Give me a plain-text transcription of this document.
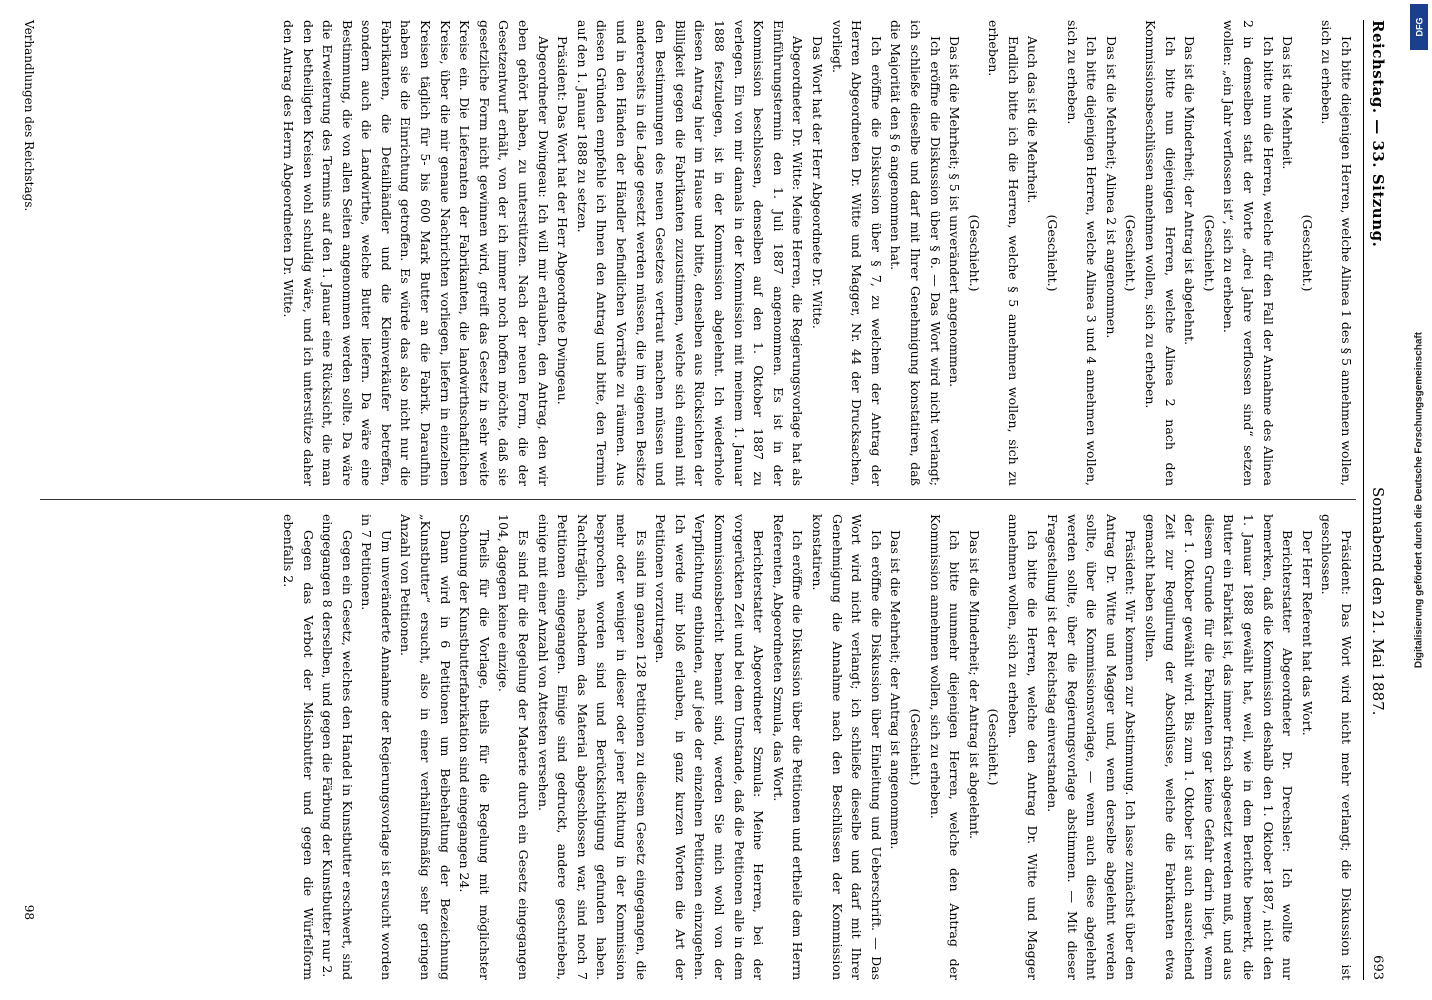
Reichstag. — 33. Sitzung.
Sonnabend den 21. Mai 1887.
693

Ich bitte diejenigen Herren, welche Alinea 1 des § 5 annehmen wollen, sich zu erheben.

(Geschieht.)

Das ist die Mehrheit.

Ich bitte nun die Herren, welche für den Fall der Annahme des Alinea 2 in demselben statt der Worte „drei Jahre verflossen sind“ setzen wollen: „ein Jahr verflossen ist“, sich zu erheben.

(Geschieht.)

Das ist die Minderheit; der Antrag ist abgelehnt.

Ich bitte nun diejenigen Herren, welche Alinea 2 nach den Kommissionsbeschlüssen annehmen wollen, sich zu erheben.

(Geschieht.)

Das ist die Mehrheit; Alinea 2 ist angenommen.

Ich bitte diejenigen Herren, welche Alinea 3 und 4 annehmen wollen, sich zu erheben.

(Geschieht.)

Auch das ist die Mehrheit.

Endlich bitte ich die Herren, welche § 5 annehmen wollen, sich zu erheben.

(Geschieht.)

Das ist die Mehrheit; § 5 ist unverändert angenommen.

Ich eröffne die Diskussion über § 6. — Das Wort wird nicht verlangt; ich schließe dieselbe und darf mit Ihrer Genehmigung konstatiren, daß die Majorität den § 6 angenommen hat.

Ich eröffne die Diskussion über § 7, zu welchem der Antrag der Herren Abgeordneten Dr. Witte und Magger, Nr. 44 der Drucksachen, vorliegt.

Das Wort hat der Herr Abgeordnete Dr. Witte.

Abgeordneter Dr. Witte: Meine Herren, die Regierungsvorlage hat als Einführungstermin den 1. Juli 1887 angenommen. Es ist in der Kommission beschlossen, denselben auf den 1. Oktober 1887 zu verlegen. Ein von mir damals in der Kommission mit meinem 1. Januar 1888 festzulegen, ist in der Kommission abgelehnt. Ich wiederhole diesen Antrag hier im Hause und bitte, denselben aus Rücksichten der Billigkeit gegen die Fabrikanten zuzustimmen, welche sich einmal mit den Bestimmungen des neuen Gesetzes vertraut machen müssen und andererseits in die Lage gesetzt werden müssen, die im eigenen Besitze und in den Händen der Händler befindlichen Vorräthe zu räumen. Aus diesen Gründen empfehle ich Ihnen den Antrag und bitte, den Termin auf den 1. Januar 1888 zu setzen.

Präsident: Das Wort hat der Herr Abgeordnete Dwingeau.

Abgeordneter Dwingeau: Ich will mir erlauben, den Antrag, den wir eben gehört haben, zu unterstützen. Nach der neuen Form, die der Gesetzentwurf erhält, von der ich immer noch hoffen möchte, daß sie gesetzliche Form nicht gewinnen wird, greift das Gesetz in sehr weite Kreise ein. Die Lieferanten der Fabrikanten, die landwirthschaftlichen Kreise, über die mir genaue Nachrichten vorliegen, liefern in einzelnen Kreisen täglich für 5- bis 600 Mark Butter an die Fabrik. Daraufhin haben sie die Einrichtung getroffen. Es würde das also nicht nur die Fabrikanten, die Detailhändler und die Kleinverkäufer betreffen, sondern auch die Landwirthe, welche Butter liefern. Da wäre eine Bestimmung, die von allen Seiten angenommen werden sollte. Da wäre die Erweiterung des Termins auf den 1. Januar eine Rücksicht, die man den betheiligten Kreisen wohl schuldig wäre, und ich unterstütze daher den Antrag des Herrn Abgeordneten Dr. Witte.

Präsident: Das Wort wird nicht mehr verlangt; die Diskussion ist geschlossen.

Der Herr Referent hat das Wort.

Berichterstatter Abgeordneter Dr. Drechsler: Ich wollte nur bemerken, daß die Kommission deshalb den 1. Oktober 1887, nicht den 1. Januar 1888 gewählt hat, weil, wie in dem Berichte bemerkt, die Butter ein Fabrikat ist, das immer frisch abgesetzt werden muß, und aus diesem Grunde für die Fabrikanten gar keine Gefahr darin liegt, wenn der 1. Oktober gewählt wird. Bis zum 1. Oktober ist auch ausreichend Zeit zur Regulirung der Abschlüsse, welche die Fabrikanten etwa gemacht haben sollten.

Präsident: Wir kommen zur Abstimmung. Ich lasse zunächst über den Antrag Dr. Witte und Magger und, wenn derselbe abgelehnt werden sollte, über die Kommissionsvorlage, — wenn auch diese abgelehnt werden sollte, über die Regierungsvorlage abstimmen. — Mit dieser Fragestellung ist der Reichstag einverstanden.

Ich bitte die Herren, welche den Antrag Dr. Witte und Magger annehmen wollen, sich zu erheben.

(Geschieht.)

Das ist die Minderheit; der Antrag ist abgelehnt.

Ich bitte nunmehr diejenigen Herren, welche den Antrag der Kommission annehmen wollen, sich zu erheben.

(Geschieht.)

Das ist die Mehrheit; der Antrag ist angenommen.

Ich eröffne die Diskussion über Einleitung und Ueberschrift. — Das Wort wird nicht verlangt; ich schließe dieselbe und darf mit Ihrer Genehmigung die Annahme nach den Beschlüssen der Kommission konstatiren.

Ich eröffne die Diskussion über die Petitionen und ertheile dem Herrn Referenten, Abgeordneten Szmula, das Wort.

Berichterstatter Abgeordneter Szmula: Meine Herren, bei der vorgerückten Zeit und bei dem Umstande, daß die Petitionen alle in dem Kommissionsbericht benannt sind, werden Sie mich wohl von der Verpflichtung entbinden, auf jede der einzelnen Petitionen einzugehen. Ich werde mir bloß erlauben, in ganz kurzen Worten die Art der Petitionen vorzutragen.

Es sind im ganzen 128 Petitionen zu diesem Gesetz eingegangen, die mehr oder weniger in dieser oder jener Richtung in der Kommission besprochen worden sind und Berücksichtigung gefunden haben. Nachträglich, nachdem das Material abgeschlossen war, sind noch 7 Petitionen eingegangen. Einige sind gedruckt, andere geschrieben, einige mit einer Anzahl von Attesten versehen.

Es sind für die Regelung der Materie durch ein Gesetz eingegangen 104, dagegen keine einzige.

Theils für die Vorlage, theils für die Regelung mit möglichster Schonung der Kunstbutterfabrikation sind eingegangen 24.

Dann wird in 6 Petitionen um Beibehaltung der Bezeichnung „Kunstbutter“ ersucht, also in einer verhältnißmäßig sehr geringen Anzahl von Petitionen.

Um unveränderte Annahme der Regierungsvorlage ist ersucht worden in 7 Petitionen.

Gegen ein Gesetz, welches den Handel in Kunstbutter erschwert, sind eingegangen 8 derselben, und gegen die Färbung der Kunstbutter nur 2.

Gegen das Verbot der Mischbutter und gegen die Würfelform ebenfalls 2.

Verhandlungen des Reichstags.
98
DFG
Digitalisierung gefördert durch die Deutsche Forschungsgemeinschaft
